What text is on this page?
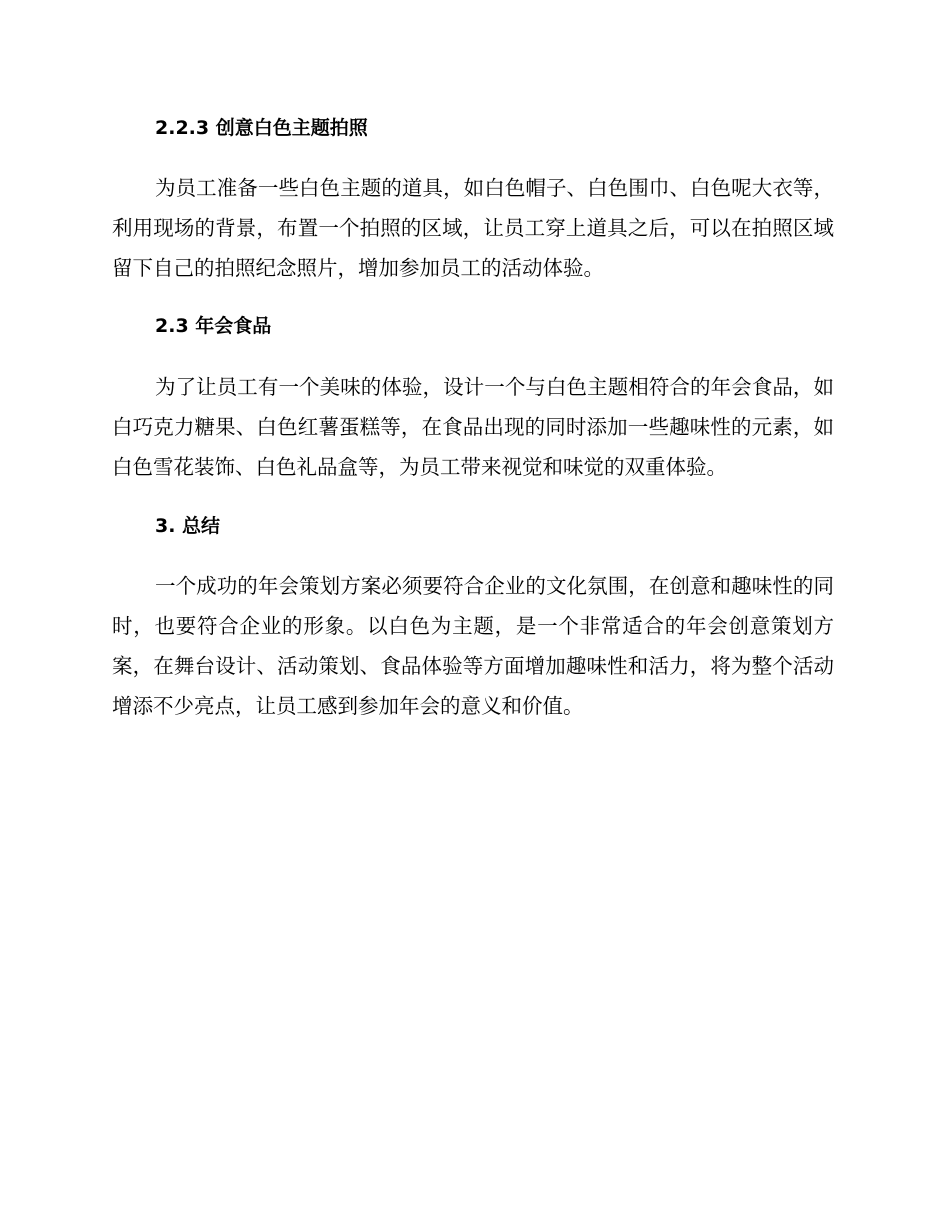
2.2.3 创意白色主题拍照

为员工准备一些白色主题的道具，如白色帽子、白色围巾、白色呢大衣等，利用现场的背景，布置一个拍照的区域，让员工穿上道具之后，可以在拍照区域留下自己的拍照纪念照片，增加参加员工的活动体验。

2.3 年会食品

为了让员工有一个美味的体验，设计一个与白色主题相符合的年会食品，如白巧克力糖果、白色红薯蛋糕等，在食品出现的同时添加一些趣味性的元素，如白色雪花装饰、白色礼品盒等，为员工带来视觉和味觉的双重体验。

3. 总结

一个成功的年会策划方案必须要符合企业的文化氛围，在创意和趣味性的同时，也要符合企业的形象。以白色为主题，是一个非常适合的年会创意策划方案，在舞台设计、活动策划、食品体验等方面增加趣味性和活力，将为整个活动增添不少亮点，让员工感到参加年会的意义和价值。
